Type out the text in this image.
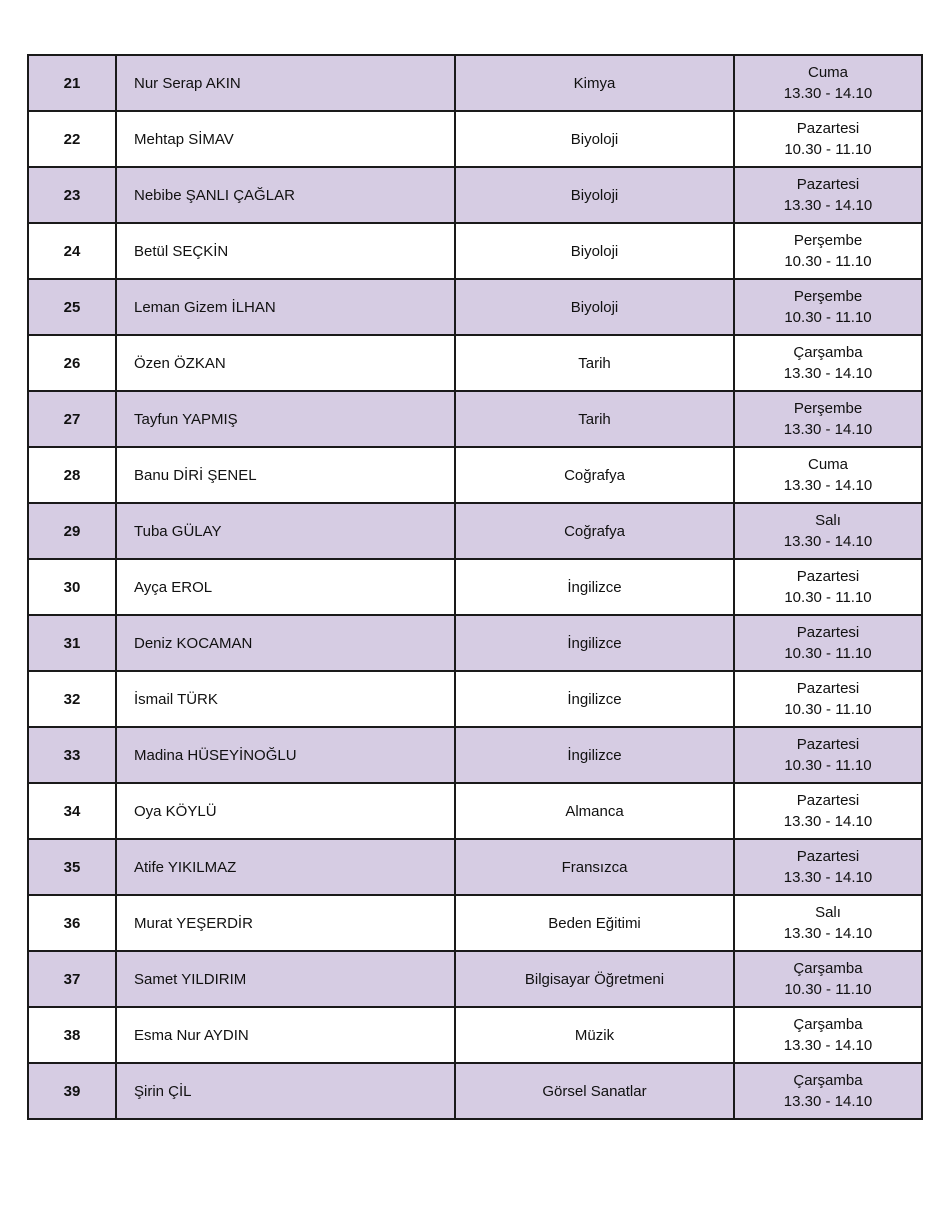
21	Nur Serap AKIN	Kimya	Cuma
13.30 - 14.10

22	Mehtap SİMAV	Biyoloji	Pazartesi
10.30 - 11.10

23	Nebibe ŞANLI ÇAĞLAR	Biyoloji	Pazartesi
13.30 - 14.10

24	Betül SEÇKİN	Biyoloji	Perşembe
10.30 - 11.10

25	Leman Gizem İLHAN	Biyoloji	Perşembe
10.30 - 11.10

26	Özen ÖZKAN	Tarih	Çarşamba
13.30 - 14.10

27	Tayfun YAPMIŞ	Tarih	Perşembe
13.30 - 14.10

28	Banu DİRİ ŞENEL	Coğrafya	Cuma
13.30 - 14.10

29	Tuba GÜLAY	Coğrafya	Salı
13.30 - 14.10

30	Ayça EROL	İngilizce	Pazartesi
10.30 - 11.10

31	Deniz KOCAMAN	İngilizce	Pazartesi
10.30 - 11.10

32	İsmail TÜRK	İngilizce	Pazartesi
10.30 - 11.10

33	Madina HÜSEYİNOĞLU	İngilizce	Pazartesi
10.30 - 11.10

34	Oya KÖYLÜ	Almanca	Pazartesi
13.30 - 14.10

35	Atife YIKILMAZ	Fransızca	Pazartesi
13.30 - 14.10

36	Murat YEŞERDİR	Beden Eğitimi	Salı
13.30 - 14.10

37	Samet YILDIRIM	Bilgisayar Öğretmeni	Çarşamba
10.30 - 11.10

38	Esma Nur AYDIN	Müzik	Çarşamba
13.30 - 14.10

39	Şirin ÇİL	Görsel Sanatlar	Çarşamba
13.30 - 14.10
